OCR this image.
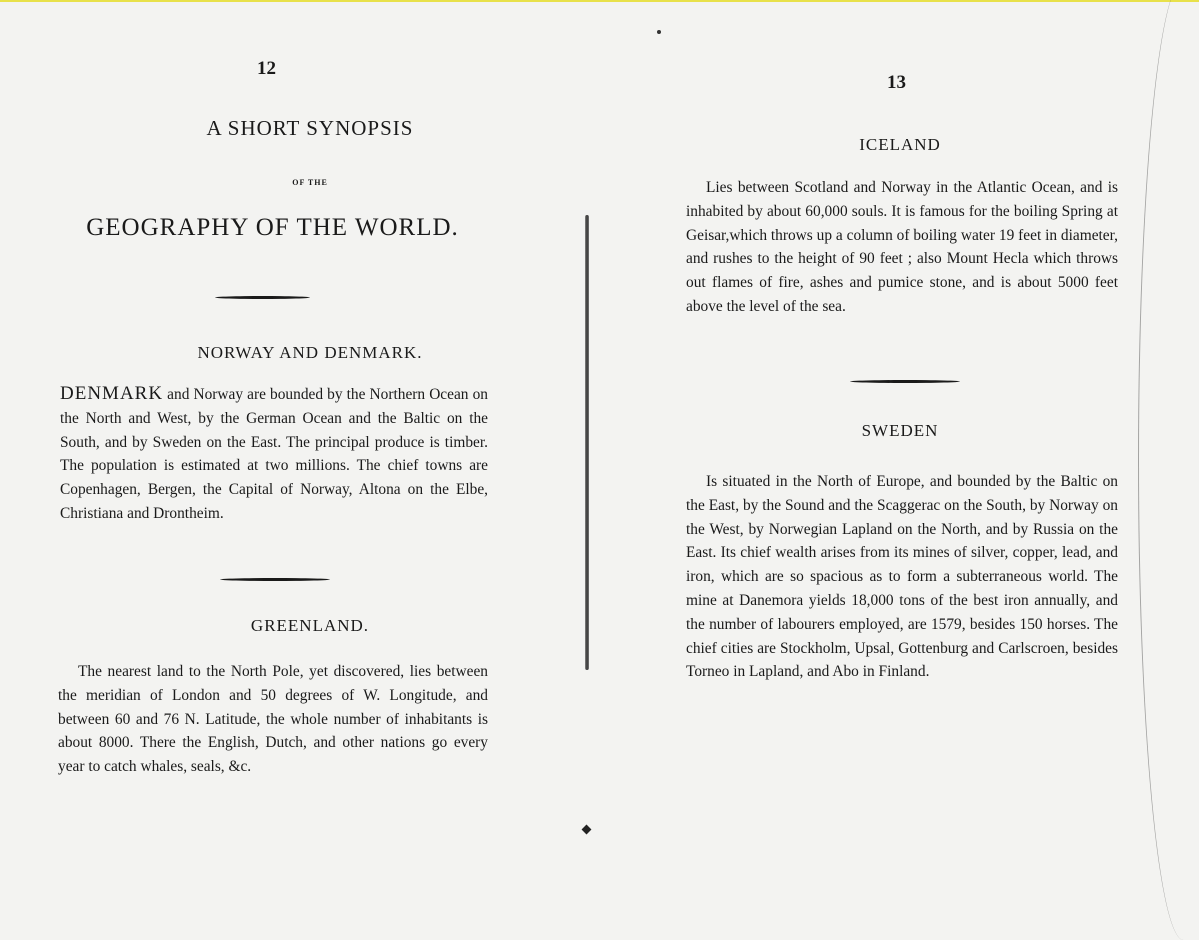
12
A SHORT SYNOPSIS
OF THE
GEOGRAPHY OF THE WORLD.
NORWAY AND DENMARK.
DENMARK and Norway are bounded by the Northern Ocean on the North and West, by the German Ocean and the Baltic on the South, and by Sweden on the East. The principal produce is timber. The population is estimated at two millions. The chief towns are Copenhagen, Bergen, the Capital of Norway, Altona on the Elbe, Christiana and Drontheim.
GREENLAND.
The nearest land to the North Pole, yet discovered, lies between the meridian of London and 50 degrees of W. Longitude, and between 60 and 76 N. Latitude, the whole number of inhabitants is about 8000. There the English, Dutch, and other nations go every year to catch whales, seals, &c.
13
ICELAND
Lies between Scotland and Norway in the Atlantic Ocean, and is inhabited by about 60,000 souls. It is famous for the boiling Spring at Geisar,which throws up a column of boiling water 19 feet in diameter, and rushes to the height of 90 feet ; also Mount Hecla which throws out flames of fire, ashes and pumice stone, and is about 5000 feet above the level of the sea.
SWEDEN
Is situated in the North of Europe, and bounded by the Baltic on the East, by the Sound and the Scaggerac on the South, by Norway on the West, by Norwegian Lapland on the North, and by Russia on the East. Its chief wealth arises from its mines of silver, copper, lead, and iron, which are so spacious as to form a subterraneous world. The mine at Danemora yields 18,000 tons of the best iron annually, and the number of labourers employed, are 1579, besides 150 horses. The chief cities are Stockholm, Upsal, Gottenburg and Carlscroen, besides Torneo in Lapland, and Abo in Finland.
